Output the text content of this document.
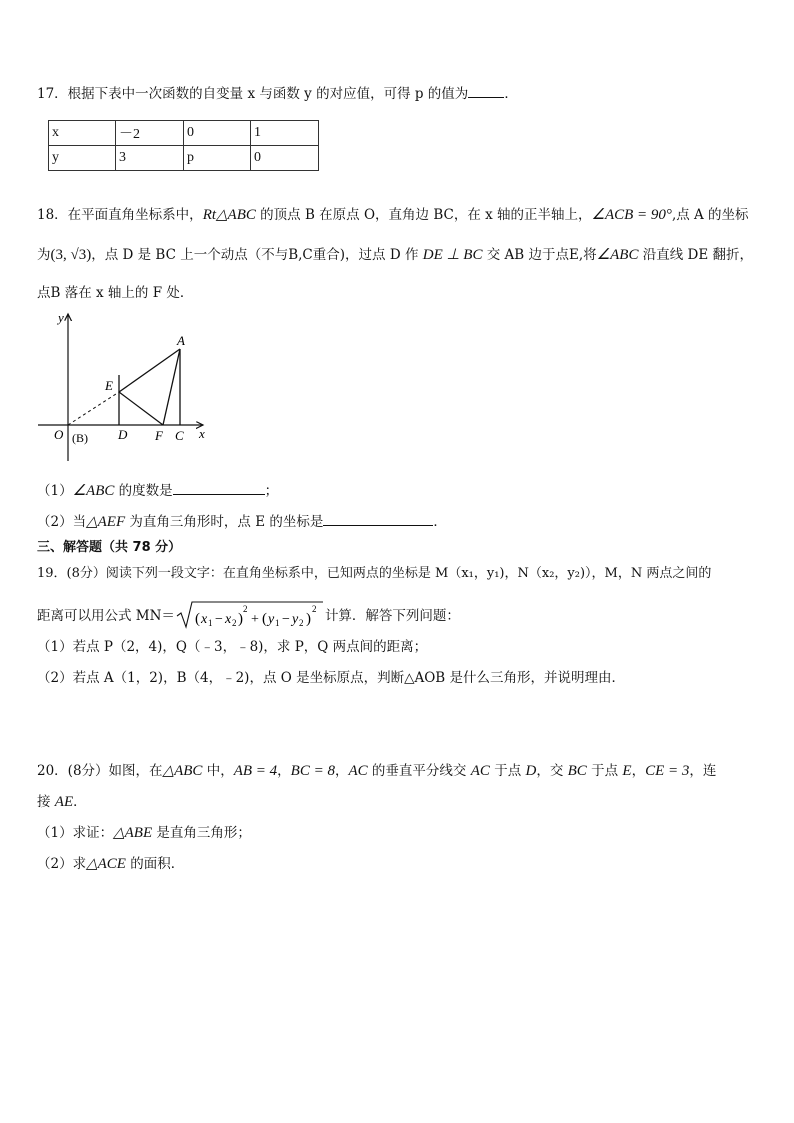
17．根据下表中一次函数的自变量 x 与函数 y 的对应值，可得 p 的值为	．
x	－2	0	1
y	3	p	0
18．在平面直角坐标系中，Rt△ABC 的顶点 B 在原点 O，直角边 BC，在 x 轴的正半轴上，∠ACB = 90°,点 A 的坐标
为(3, √3)，点 D 是 BC 上一个动点（不与B,C重合)，过点 D 作 DE ⊥ BC 交 AB 边于点E,将∠ABC 沿直线 DE 翻折，
点B 落在 x 轴上的 F 处．
y
x
A
E
O (B) D F C
（1）∠ABC 的度数是	；
（2）当△AEF 为直角三角形时，点 E 的坐标是	．
三、解答题（共 78 分）
19．(8分）阅读下列一段文字：在直角坐标系中，已知两点的坐标是 M（x₁，y₁)，N（x₂，y₂)），M，N 两点之间的
距离可以用公式 MN＝ ( x 1 − x 2 )
2
+ ( y 1 − y 2 )
2 计算．解答下列问题：
（1）若点 P（2，4)，Q（﹣3，﹣8)，求 P，Q 两点间的距离；
（2）若点 A（1，2)，B（4，﹣2)，点 O 是坐标原点，判断△AOB 是什么三角形，并说明理由．
20．(8分）如图，在△ABC 中，AB = 4，BC = 8，AC 的垂直平分线交 AC 于点 D，交 BC 于点 E，CE = 3，连
接 AE．
（1）求证：△ABE 是直角三角形；
（2）求△ACE 的面积．
